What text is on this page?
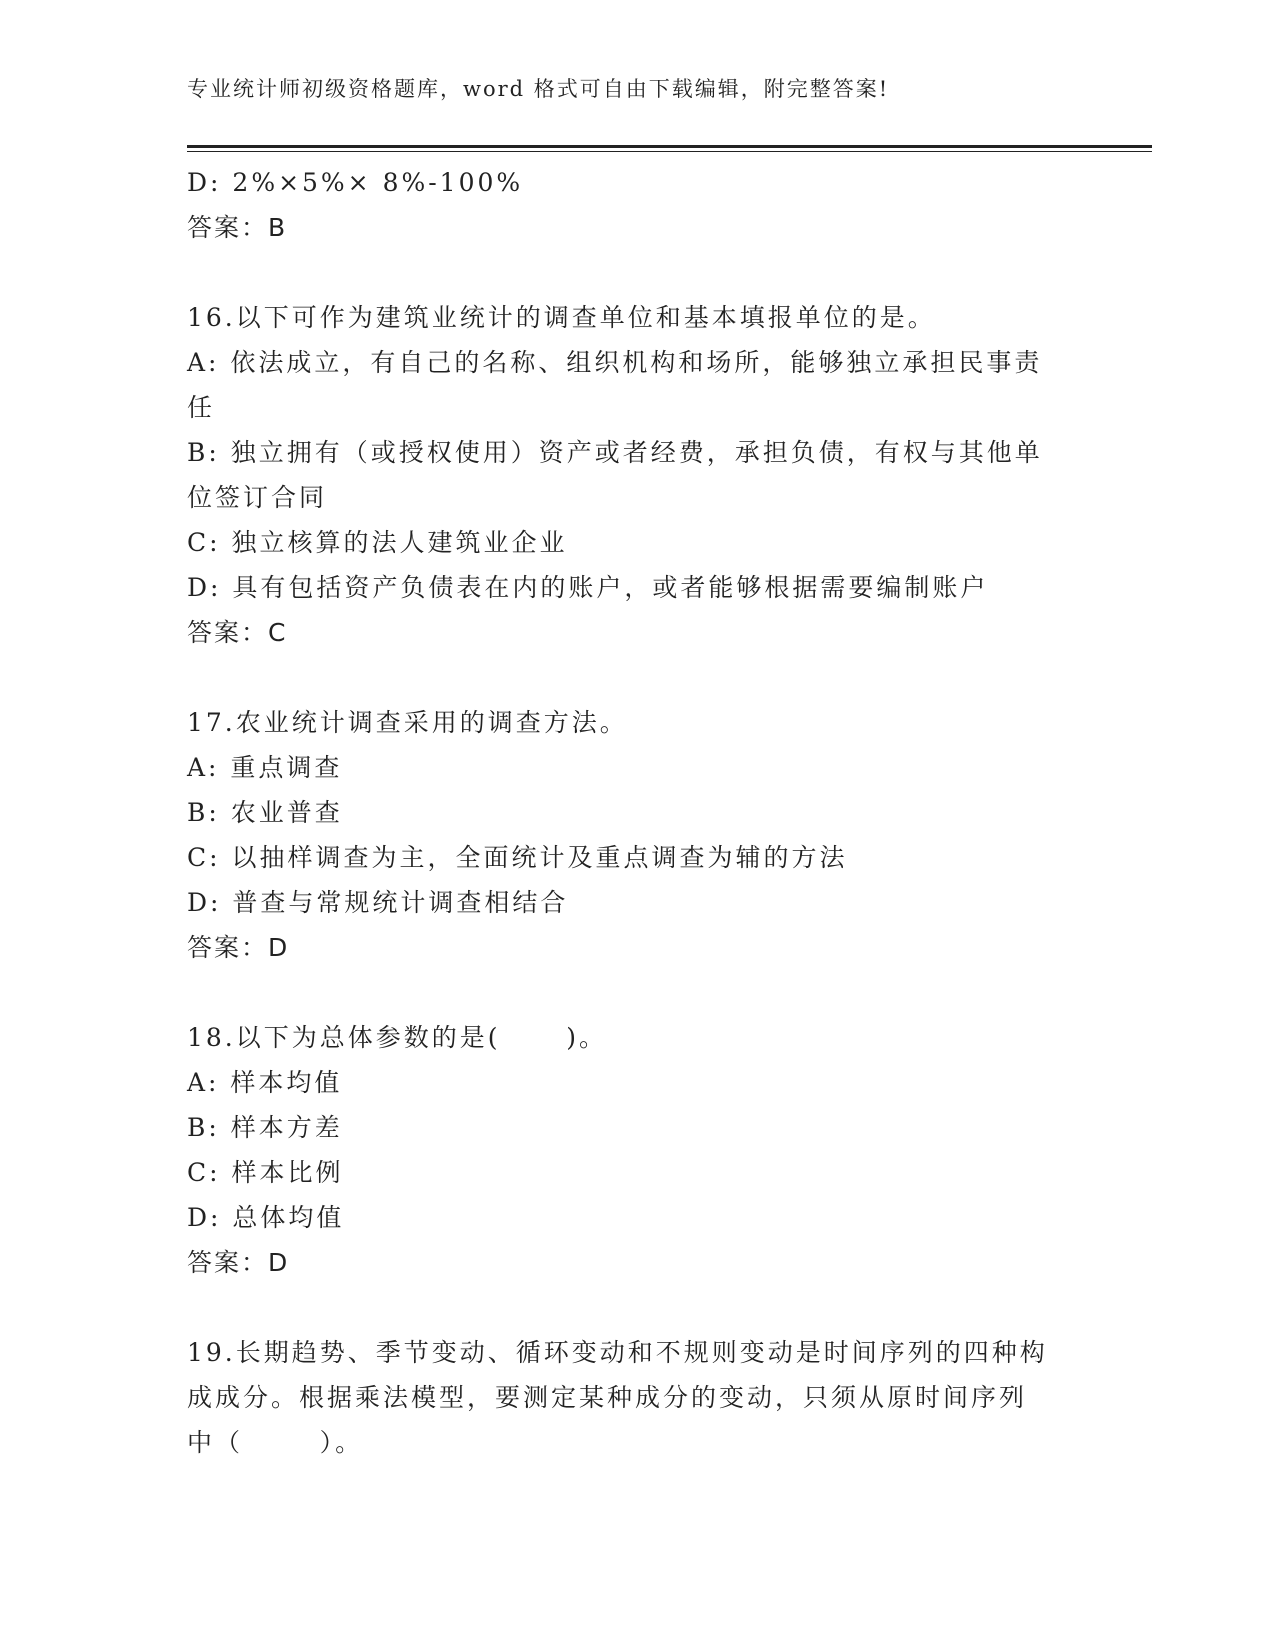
专业统计师初级资格题库，word 格式可自由下载编辑，附完整答案!
D: 2%×5%× 8%-100%
答案：B
16.以下可作为建筑业统计的调查单位和基本填报单位的是。
A: 依法成立，有自己的名称、组织机构和场所，能够独立承担民事责
任
B: 独立拥有（或授权使用）资产或者经费，承担负债，有权与其他单
位签订合同
C: 独立核算的法人建筑业企业
D: 具有包括资产负债表在内的账户，或者能够根据需要编制账户
答案：C
17.农业统计调查采用的调查方法。
A: 重点调查
B: 农业普查
C: 以抽样调查为主，全面统计及重点调查为辅的方法
D: 普查与常规统计调查相结合
答案：D
18.以下为总体参数的是(      )。
A: 样本均值
B: 样本方差
C: 样本比例
D: 总体均值
答案：D
19.长期趋势、季节变动、循环变动和不规则变动是时间序列的四种构
成成分。根据乘法模型，要测定某种成分的变动，只须从原时间序列
中（       ）。
